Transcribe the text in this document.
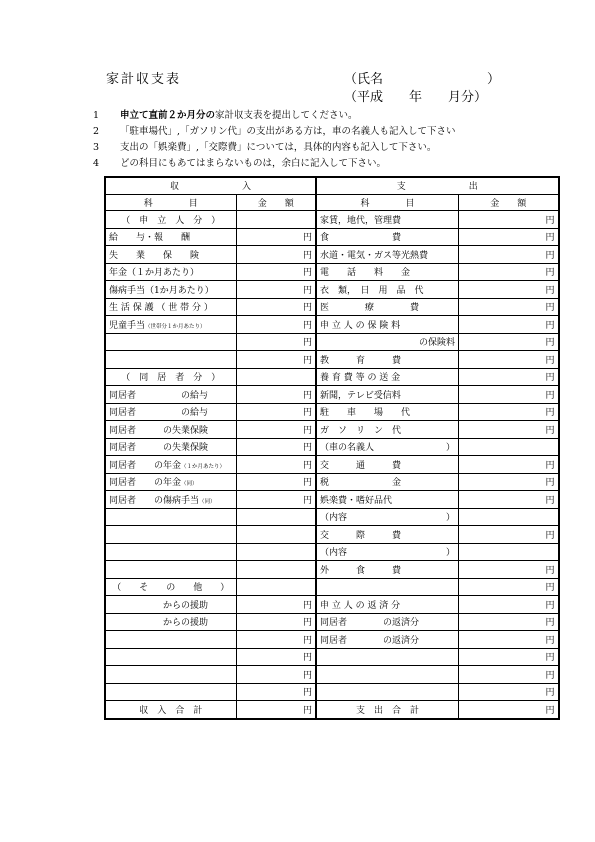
家計収支表	（氏名　　　　　　　　）
（平成　　年　　月分）
1	申立て直前２か月分の 家計収支表を提出してください。
2	「駐車場代」,「ガソリン代」の支出がある方は，車の名義人も記入して下さい
3	支出の「娯楽費」,「交際費」については，具体的内容も記入して下さい。
4	どの科目にもあてはまらないものは，余白に記入して下さい。
収　　　　　　　入		支　　　　　　　出	
科　　　　目	金　　額	科　　　　目	金　　額
（　申　立　人　分　）		家賃，地代，管理費	円
給　　与・報　　酬	円	食　　　　　　　費	円
失　　業　　保　　険	円	水道・電気・ガス等光熱費	円
年金（１か月あたり）	円	電　　話　　料　　金	円
傷病手当（1か月あたり）	円	衣　類，　日　用　品　代	円
生 活 保 護 （ 世 帯 分 ）	円	医　　　　療　　　　費	円
児童手当（世帯分１か月あたり）	円	申 立 人 の 保 険 料	円
	円	の保険料	円
	円	教　　　育　　　費	円
（　同　居　者　分　）		養 育 費 等 の 送 金	円
同居者　　　　　の給与	円	新聞，テレビ受信料	円
同居者　　　　　の給与	円	駐　　車　　場　　代	円
同居者　　　の失業保険	円	ガ　ソ　リ　ン　代	円
同居者　　　の失業保険	円	（車の名義人　　　　　　　　）	
同居者　　の年金（１か月あたり）	円	交　　　通　　　費	円
同居者　　の年金（同）	円	税　　　　　　　金	円
同居者　　の傷病手当（同）	円	娯楽費・嗜好品代	円
		（内容　　　　　　　　　　　）	
		交　　　際　　　費	円
		（内容　　　　　　　　　　　）	
		外　　　食　　　費	円
（　　そ　　の　　他　　）			円
　　　　　　からの援助	円	申 立 人 の 返 済 分	円
　　　　　　からの援助	円	同居者　　　　の返済分	円
	円	同居者　　　　の返済分	円
	円		円
	円		円
	円		円
収　入　合　計	円	支　出　合　計	円
